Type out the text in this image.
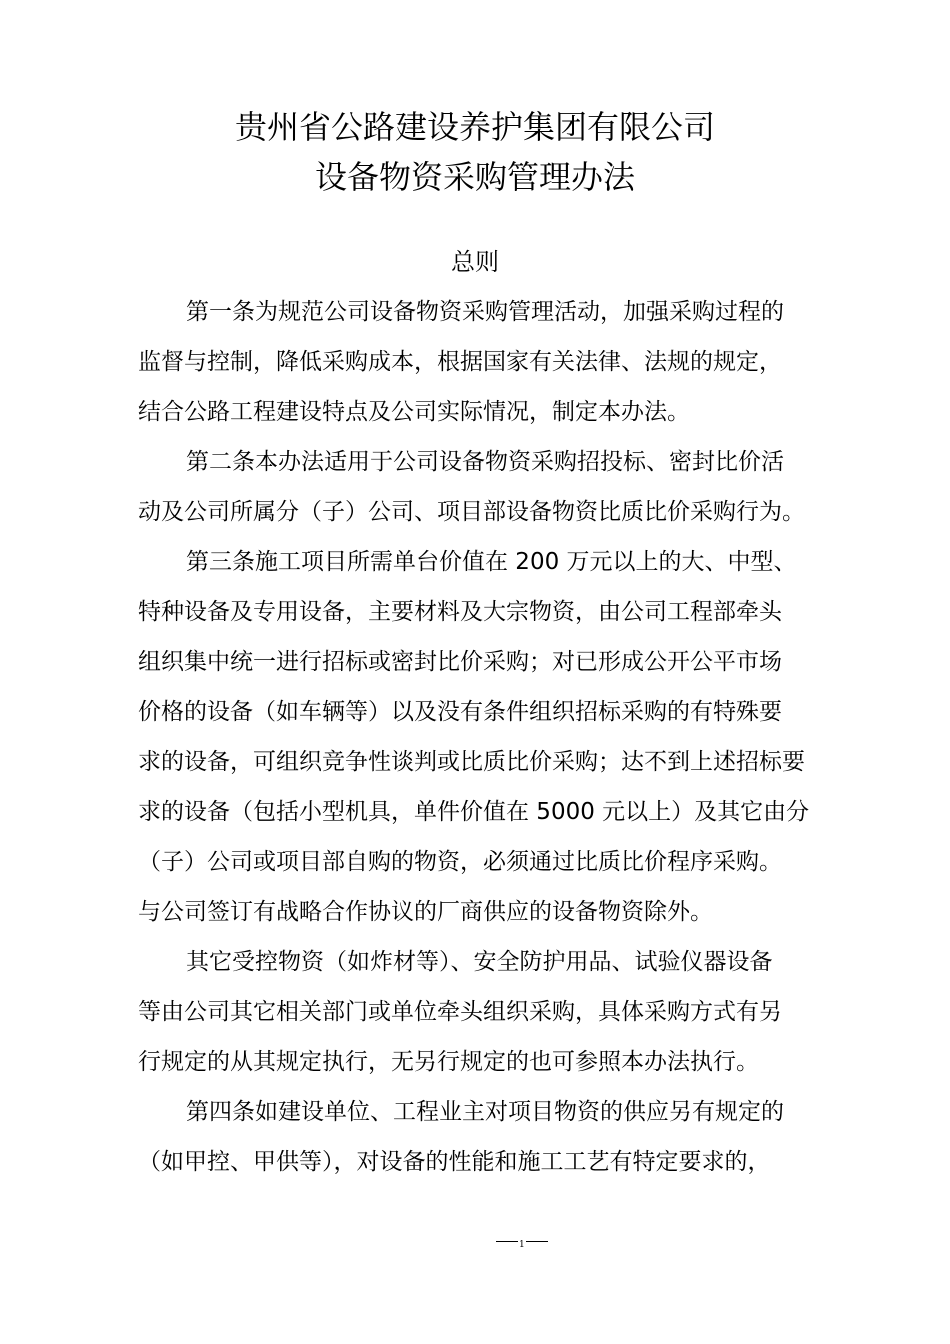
贵州省公路建设养护集团有限公司
设备物资采购管理办法
总则
第一条为规范公司设备物资采购管理活动，加强采购过程的
监督与控制，降低采购成本，根据国家有关法律、法规的规定，
结合公路工程建设特点及公司实际情况，制定本办法。
第二条本办法适用于公司设备物资采购招投标、密封比价活
动及公司所属分（子）公司、项目部设备物资比质比价采购行为。
第三条施工项目所需单台价值在 200 万元以上的大、中型、
特种设备及专用设备，主要材料及大宗物资，由公司工程部牵头
组织集中统一进行招标或密封比价采购；对已形成公开公平市场
价格的设备（如车辆等）以及没有条件组织招标采购的有特殊要
求的设备，可组织竞争性谈判或比质比价采购；达不到上述招标要
求的设备（包括小型机具，单件价值在 5000 元以上）及其它由分
（子）公司或项目部自购的物资，必须通过比质比价程序采购。
与公司签订有战略合作协议的厂商供应的设备物资除外。
其它受控物资（如炸材等）、安全防护用品、试验仪器设备
等由公司其它相关部门或单位牵头组织采购，具体采购方式有另
行规定的从其规定执行，无另行规定的也可参照本办法执行。
第四条如建设单位、工程业主对项目物资的供应另有规定的
（如甲控、甲供等），对设备的性能和施工工艺有特定要求的，
1
